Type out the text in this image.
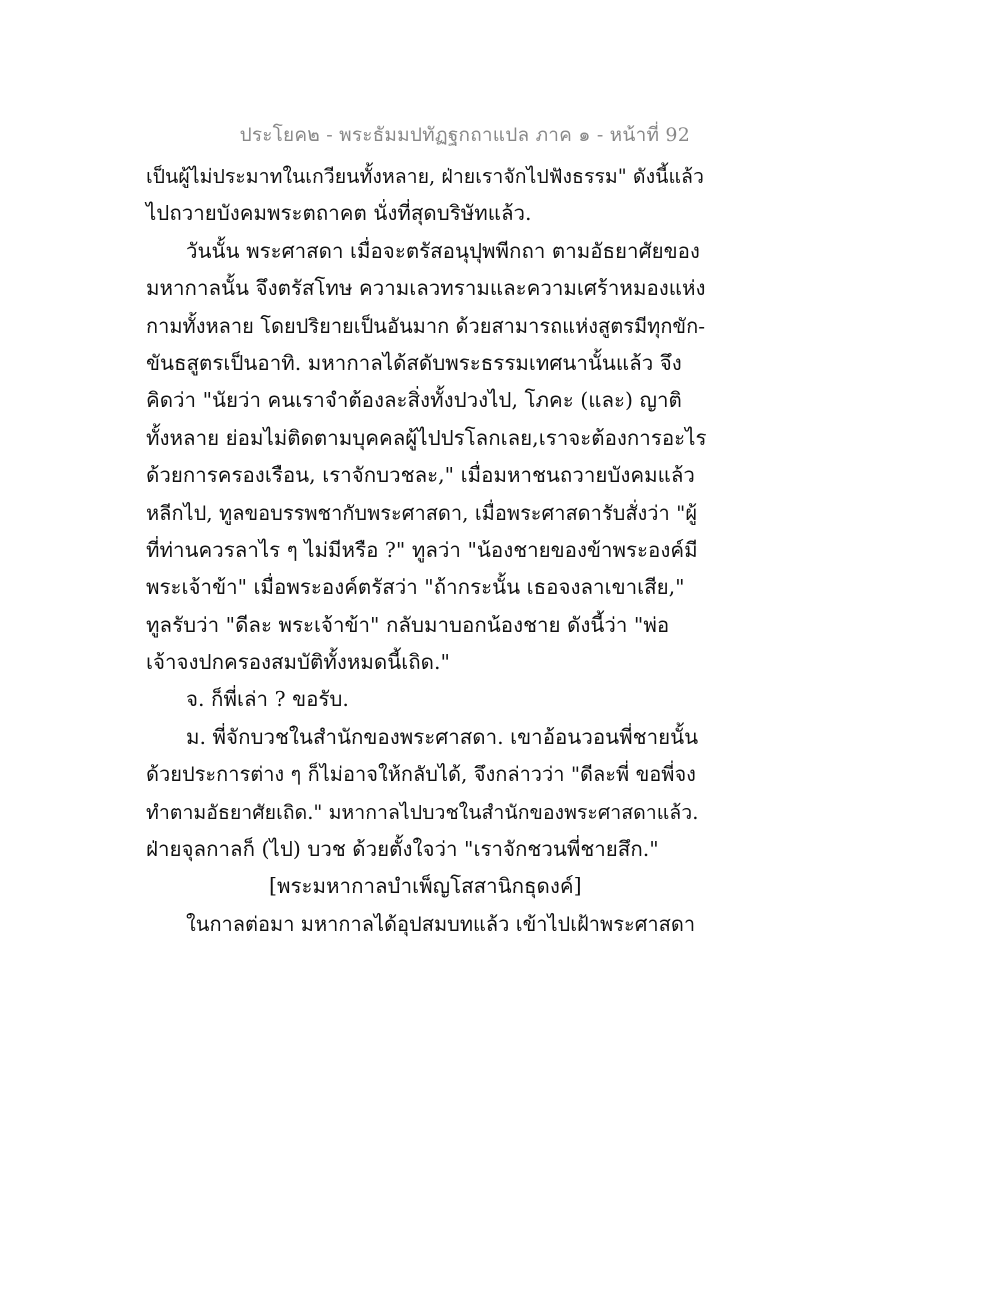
ประโยค๒ - พระธัมมปทัฏฐกถาแปล ภาค ๑ - หน้าที่ 92
เป็นผู้ไม่ประมาทในเกวียนทั้งหลาย, ฝ่ายเราจักไปฟังธรรม" ดังนี้แล้ว
ไปถวายบังคมพระตถาคต นั่งที่สุดบริษัทแล้ว.
วันนั้น พระศาสดา เมื่อจะตรัสอนุปุพพีกถา ตามอัธยาศัยของ
มหากาลนั้น จึงตรัสโทษ ความเลวทรามและความเศร้าหมองแห่ง
กามทั้งหลาย โดยปริยายเป็นอันมาก ด้วยสามารถแห่งสูตรมีทุกขัก-
ขันธสูตรเป็นอาทิ. มหากาลได้สดับพระธรรมเทศนานั้นแล้ว จึง
คิดว่า "นัยว่า คนเราจำต้องละสิ่งทั้งปวงไป, โภคะ (และ) ญาติ
ทั้งหลาย ย่อมไม่ติดตามบุคคลผู้ไปปรโลกเลย,เราจะต้องการอะไร
ด้วยการครองเรือน, เราจักบวชละ," เมื่อมหาชนถวายบังคมแล้ว
หลีกไป, ทูลขอบรรพชากับพระศาสดา, เมื่อพระศาสดารับสั่งว่า "ผู้
ที่ท่านควรลาไร ๆ ไม่มีหรือ ?" ทูลว่า "น้องชายของข้าพระองค์มี
พระเจ้าข้า" เมื่อพระองค์ตรัสว่า "ถ้ากระนั้น เธอจงลาเขาเสีย,"
ทูลรับว่า "ดีละ พระเจ้าข้า" กลับมาบอกน้องชาย ดังนี้ว่า "พ่อ
เจ้าจงปกครองสมบัติทั้งหมดนี้เถิด."
จ. ก็พี่เล่า ? ขอรับ.
ม. พี่จักบวชในสำนักของพระศาสดา. เขาอ้อนวอนพี่ชายนั้น
ด้วยประการต่าง ๆ ก็ไม่อาจให้กลับได้, จึงกล่าวว่า "ดีละพี่ ขอพี่จง
ทำตามอัธยาศัยเถิด." มหากาลไปบวชในสำนักของพระศาสดาแล้ว.
ฝ่ายจุลกาลก็ (ไป) บวช ด้วยตั้งใจว่า "เราจักชวนพี่ชายสึก."
[พระมหากาลบำเพ็ญโสสานิกธุดงค์]
ในกาลต่อมา มหากาลได้อุปสมบทแล้ว เข้าไปเฝ้าพระศาสดา
